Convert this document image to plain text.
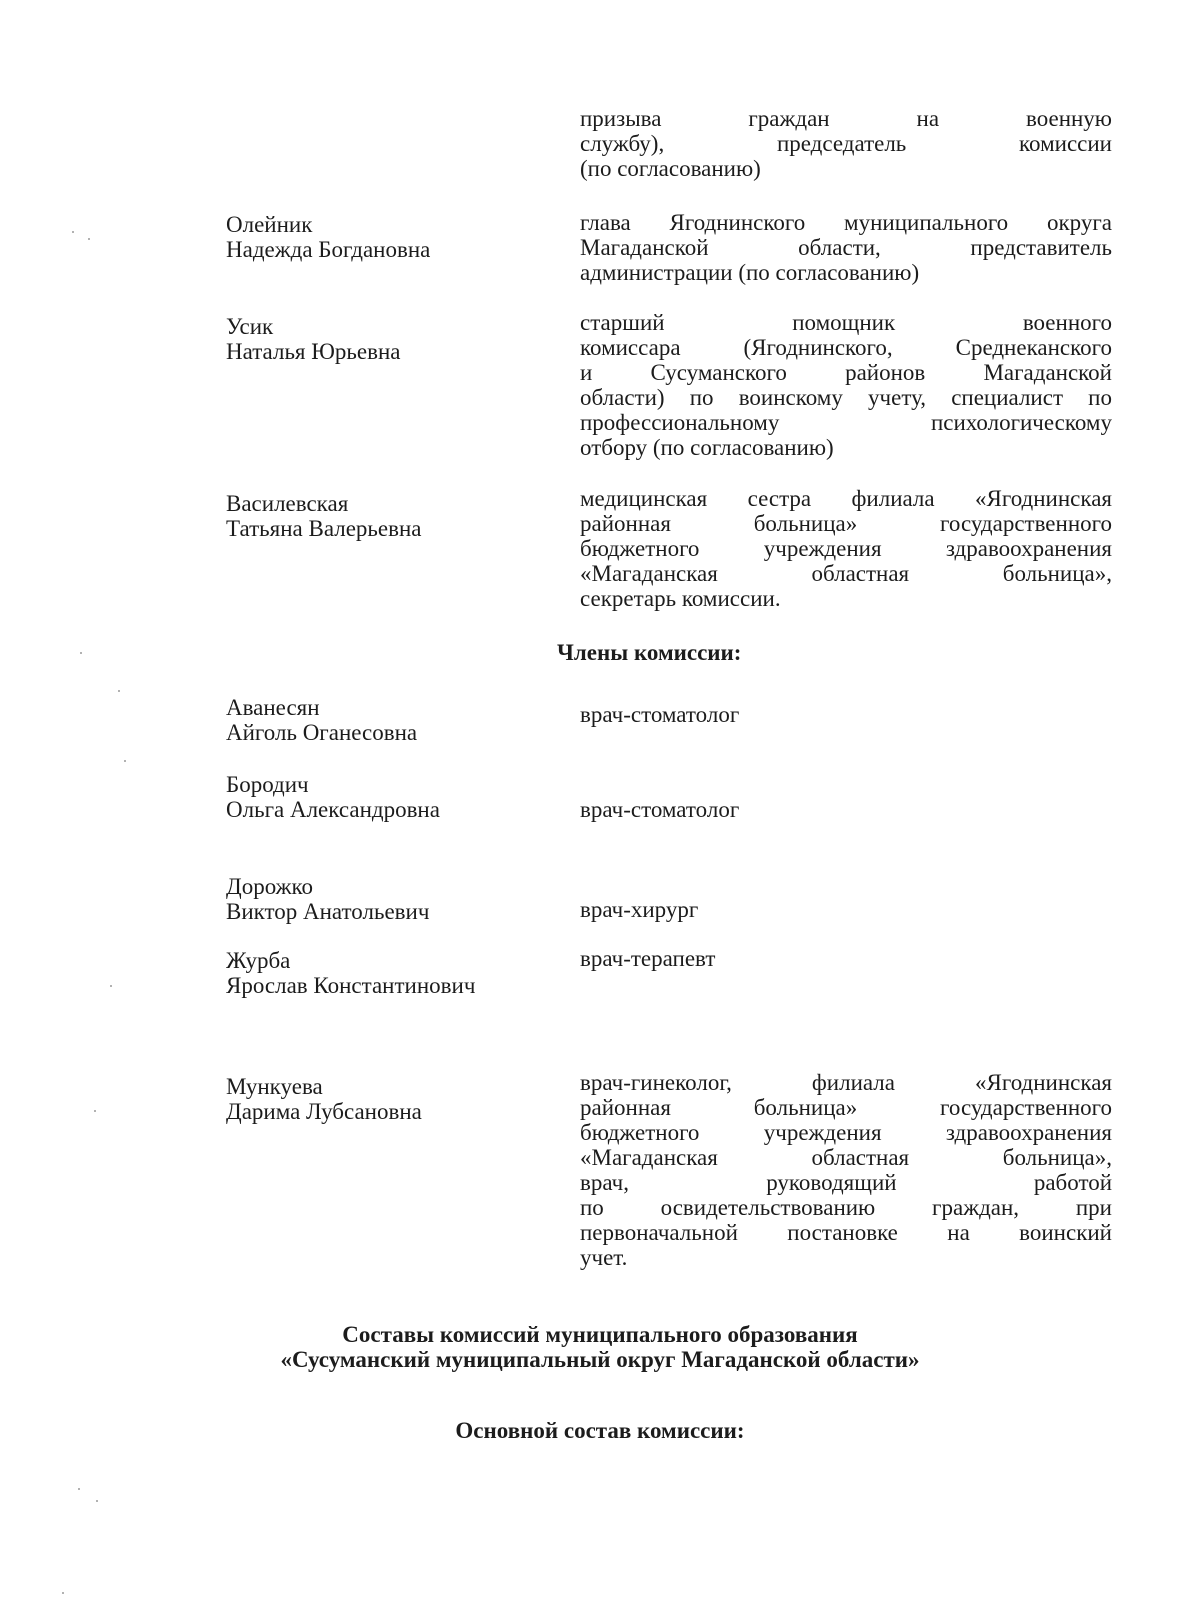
призыва граждан на военную
службу), председатель комиссии
(по согласованию)
Олейник
Надежда Богдановна
глава Ягоднинского муниципального округа
Магаданской области, представитель
администрации (по согласованию)
Усик
Наталья Юрьевна
старший помощник военного
комиссара (Ягоднинского, Среднеканского
и Сусуманского районов Магаданской
области) по воинскому учету, специалист по
профессиональному психологическому
отбору (по согласованию)
Василевская
Татьяна Валерьевна
медицинская сестра филиала «Ягоднинская
районная больница» государственного
бюджетного учреждения здравоохранения
«Магаданская областная больница»,
секретарь комиссии.
Члены комиссии:
Аванесян
Айголь Оганесовна
врач-стоматолог
Бородич
Ольга Александровна	врач-стоматолог
Дорожко
Виктор Анатольевич	врач-хирург
Журба
Ярослав Константинович
врач-терапевт
Мункуева
Дарима Лубсановна
врач-гинеколог, филиала «Ягоднинская
районная больница» государственного
бюджетного учреждения здравоохранения
«Магаданская областная больница»,
врач, руководящий работой
по освидетельствованию граждан, при
первоначальной постановке на воинский
учет.
Составы комиссий муниципального образования
«Сусуманский муниципальный округ Магаданской области»
Основной состав комиссии:
